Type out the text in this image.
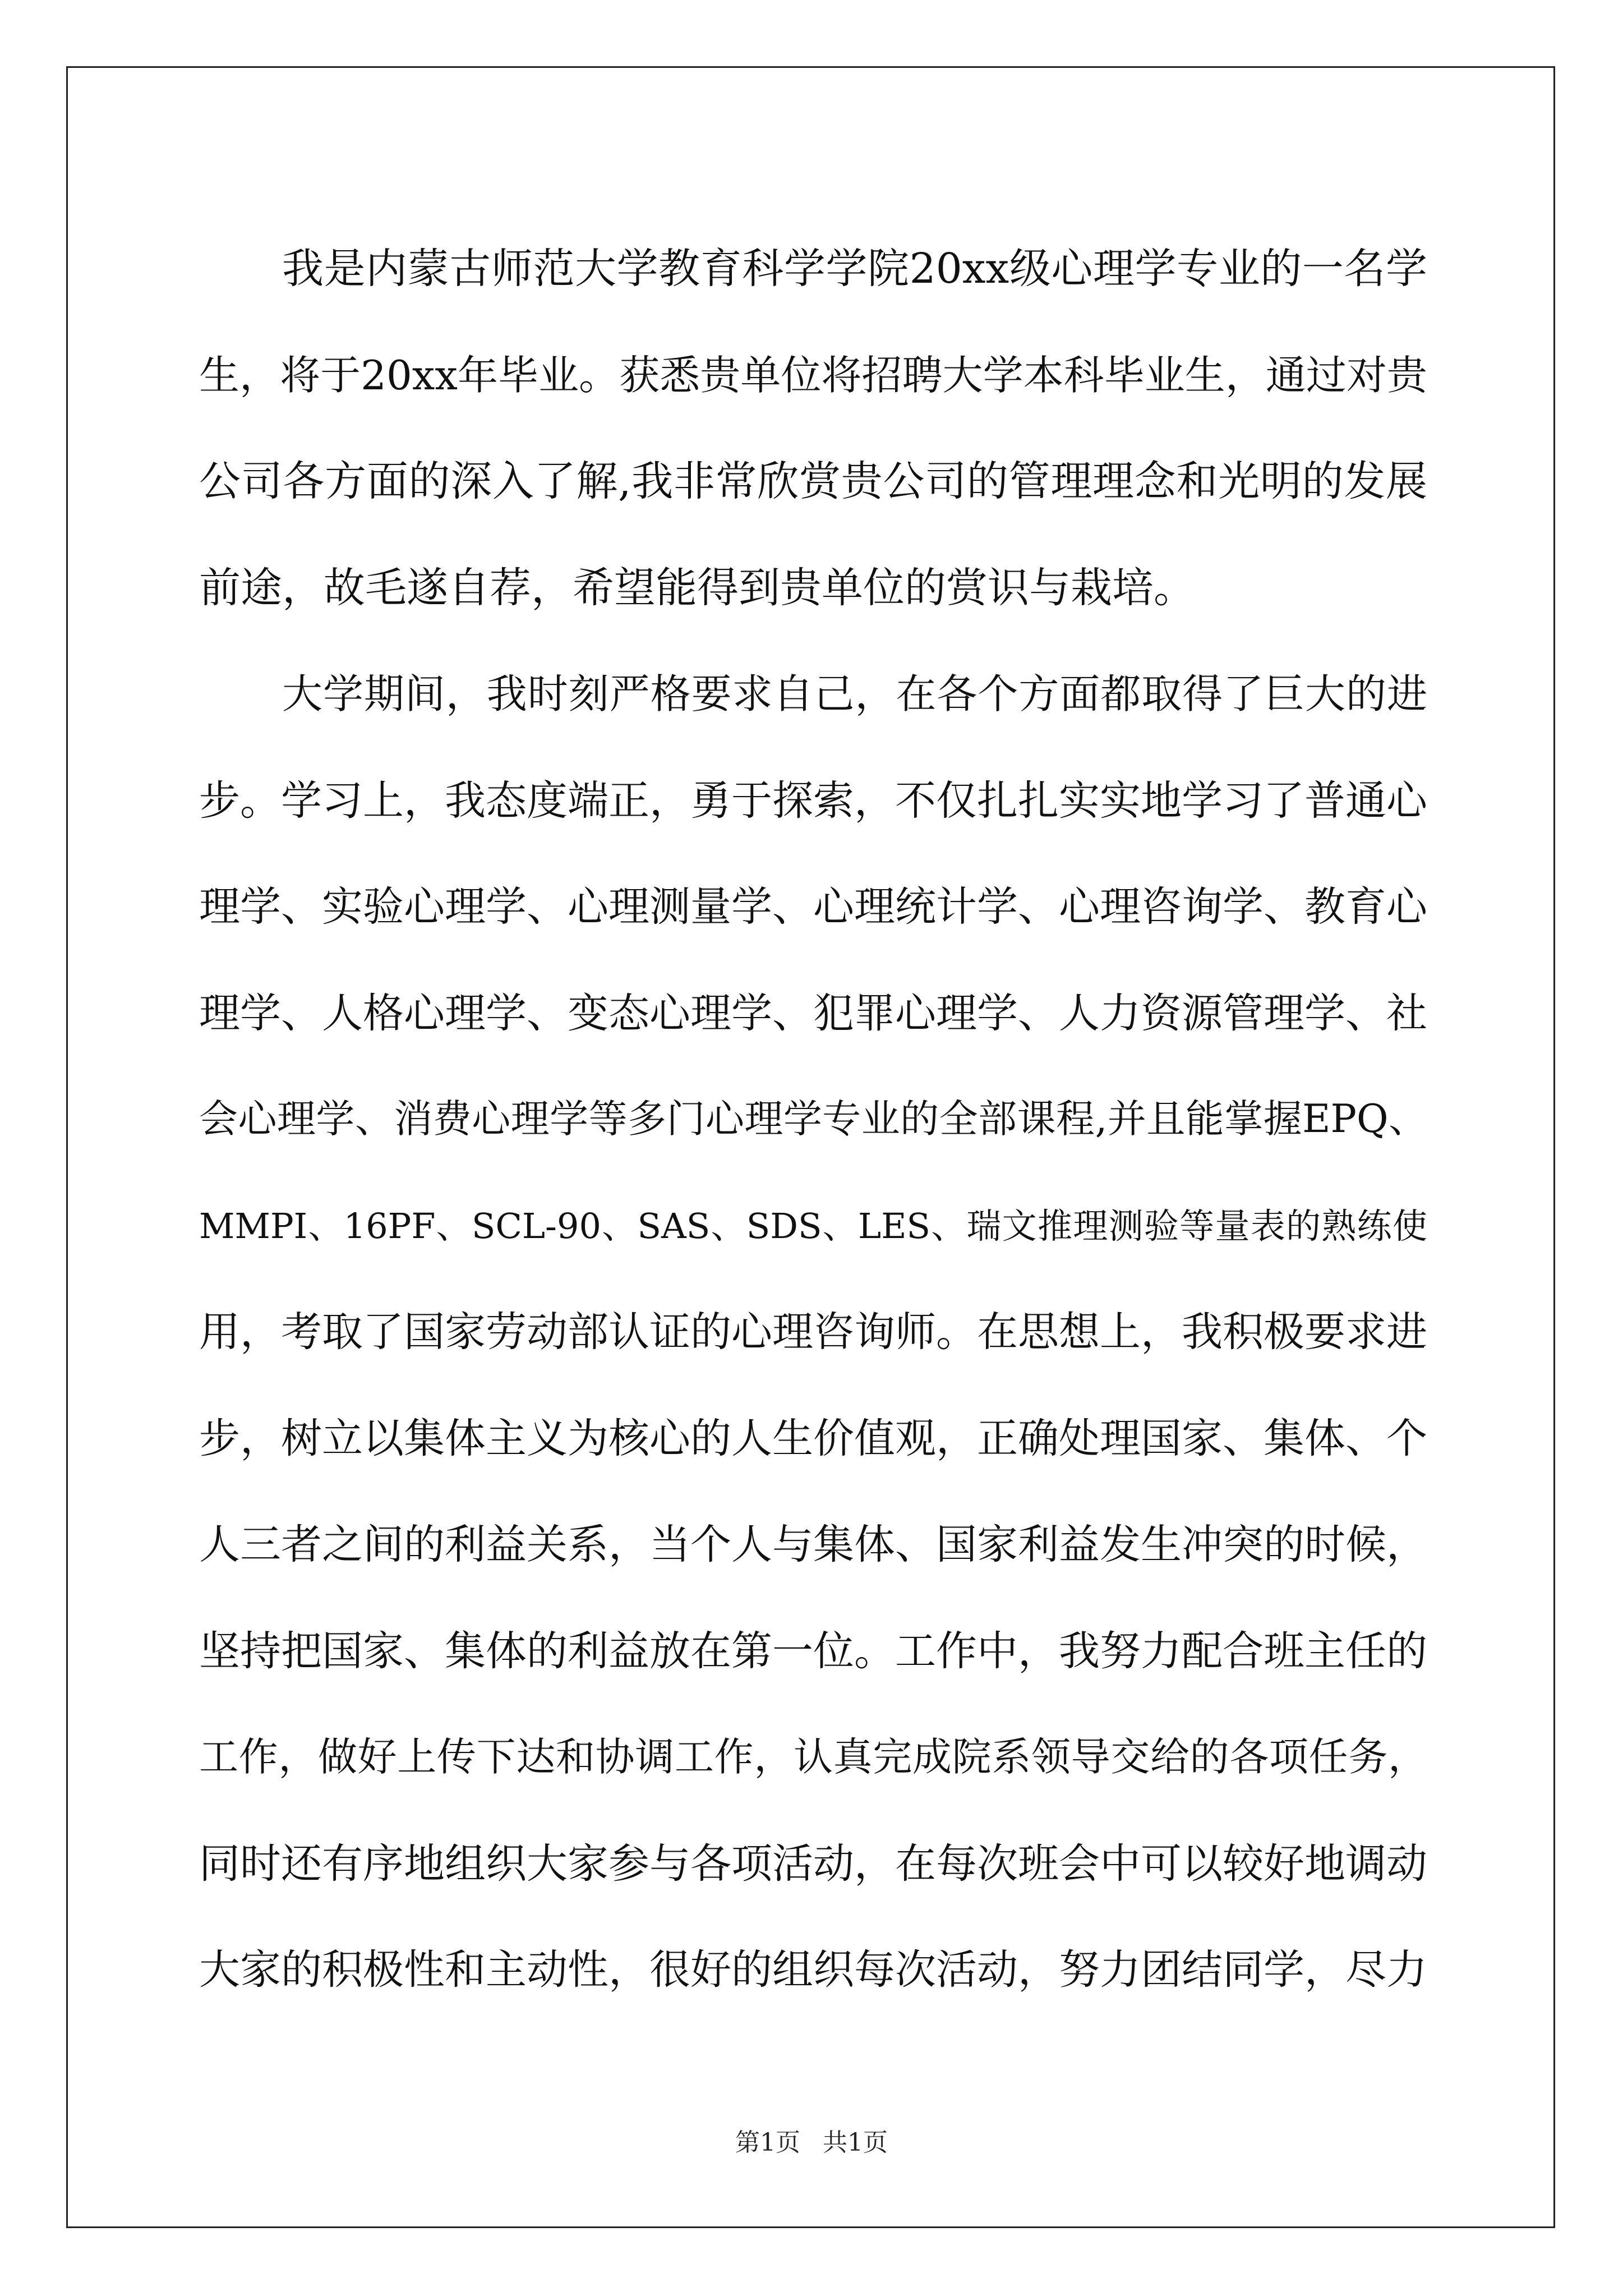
我是内蒙古师范大学教育科学学院20xx级心理学专业的一名学
生，将于20xx年毕业。获悉贵单位将招聘大学本科毕业生，通过对贵
公司各方面的深入了解,我非常欣赏贵公司的管理理念和光明的发展
前途，故毛遂自荐，希望能得到贵单位的赏识与栽培。
大学期间，我时刻严格要求自己，在各个方面都取得了巨大的进
步。学习上，我态度端正，勇于探索，不仅扎扎实实地学习了普通心
理学、实验心理学、心理测量学、心理统计学、心理咨询学、教育心
理学、人格心理学、变态心理学、犯罪心理学、人力资源管理学、社
会心理学、消费心理学等多门心理学专业的全部课程,并且能掌握EPQ、
MMPI、16PF、SCL-90、SAS、SDS、LES、瑞文推理测验等量表的熟练使
用，考取了国家劳动部认证的心理咨询师。在思想上，我积极要求进
步，树立以集体主义为核心的人生价值观，正确处理国家、集体、个
人三者之间的利益关系，当个人与集体、国家利益发生冲突的时候，
坚持把国家、集体的利益放在第一位。工作中，我努力配合班主任的
工作，做好上传下达和协调工作，认真完成院系领导交给的各项任务，
同时还有序地组织大家参与各项活动，在每次班会中可以较好地调动
大家的积极性和主动性，很好的组织每次活动，努力团结同学，尽力
第1页 共1页
